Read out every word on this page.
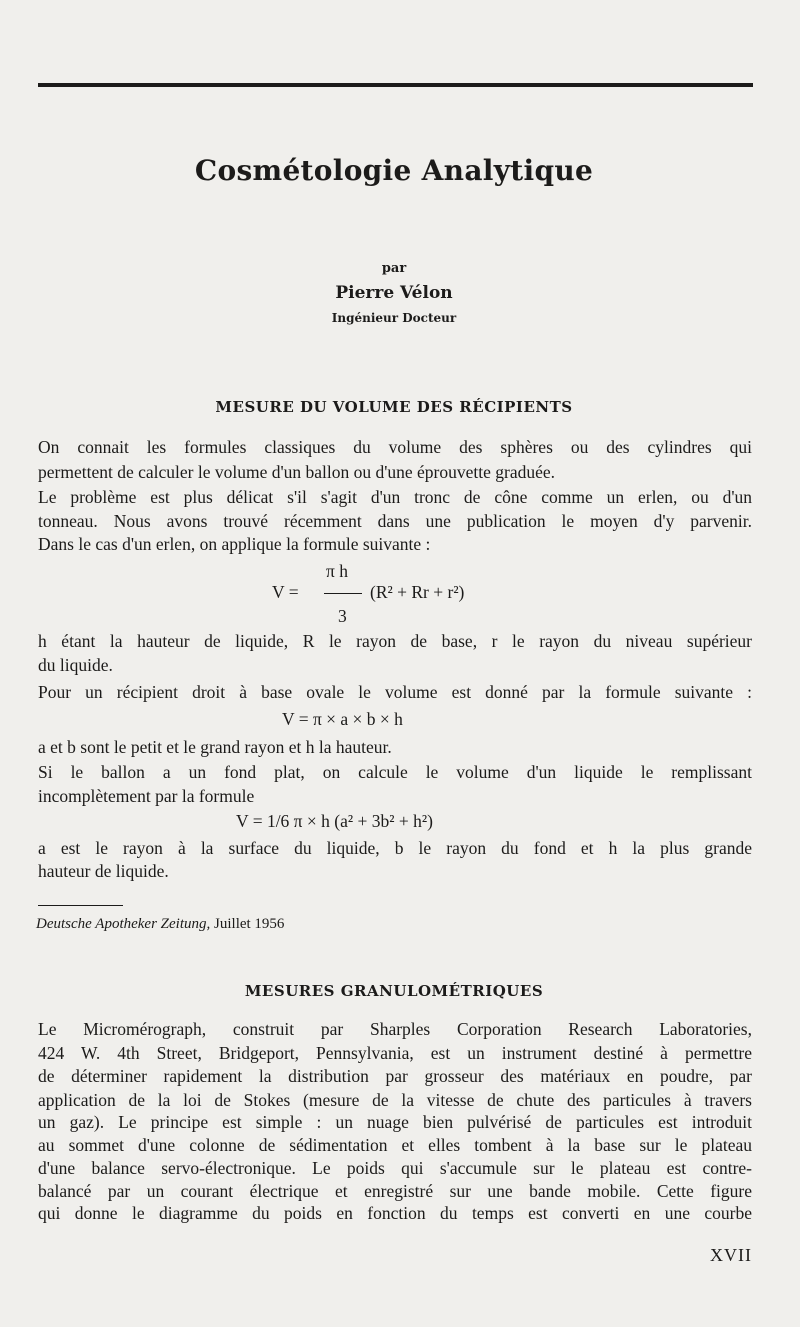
Cosmétologie Analytique
par
Pierre Vélon
Ingénieur Docteur
MESURE DU VOLUME DES RÉCIPIENTS
On connait les formules classiques du volume des sphères ou des cylindres qui
permettent de calculer le volume d'un ballon ou d'une éprouvette graduée.
Le problème est plus délicat s'il s'agit d'un tronc de cône comme un erlen, ou d'un
tonneau. Nous avons trouvé récemment dans une publication le moyen d'y parvenir.
Dans le cas d'un erlen, on applique la formule suivante :
π h
V =	(R² + Rr + r²)
3
h étant la hauteur de liquide, R le rayon de base, r le rayon du niveau supérieur
du liquide.
Pour un récipient droit à base ovale le volume est donné par la formule suivante :
V = π × a × b × h
a et b sont le petit et le grand rayon et h la hauteur.
Si le ballon a un fond plat, on calcule le volume d'un liquide le remplissant
incomplètement par la formule
V = 1/6 π × h (a² + 3b² + h²)
a est le rayon à la surface du liquide, b le rayon du fond et h la plus grande
hauteur de liquide.
Deutsche Apotheker Zeitung, Juillet 1956
MESURES GRANULOMÉTRIQUES
Le Micromérograph, construit par Sharples Corporation Research Laboratories,
424 W. 4th Street, Bridgeport, Pennsylvania, est un instrument destiné à permettre
de déterminer rapidement la distribution par grosseur des matériaux en poudre, par
application de la loi de Stokes (mesure de la vitesse de chute des particules à travers
un gaz). Le principe est simple : un nuage bien pulvérisé de particules est introduit
au sommet d'une colonne de sédimentation et elles tombent à la base sur le plateau
d'une balance servo-électronique. Le poids qui s'accumule sur le plateau est contre-
balancé par un courant électrique et enregistré sur une bande mobile. Cette figure
qui donne le diagramme du poids en fonction du temps est converti en une courbe
XVII
